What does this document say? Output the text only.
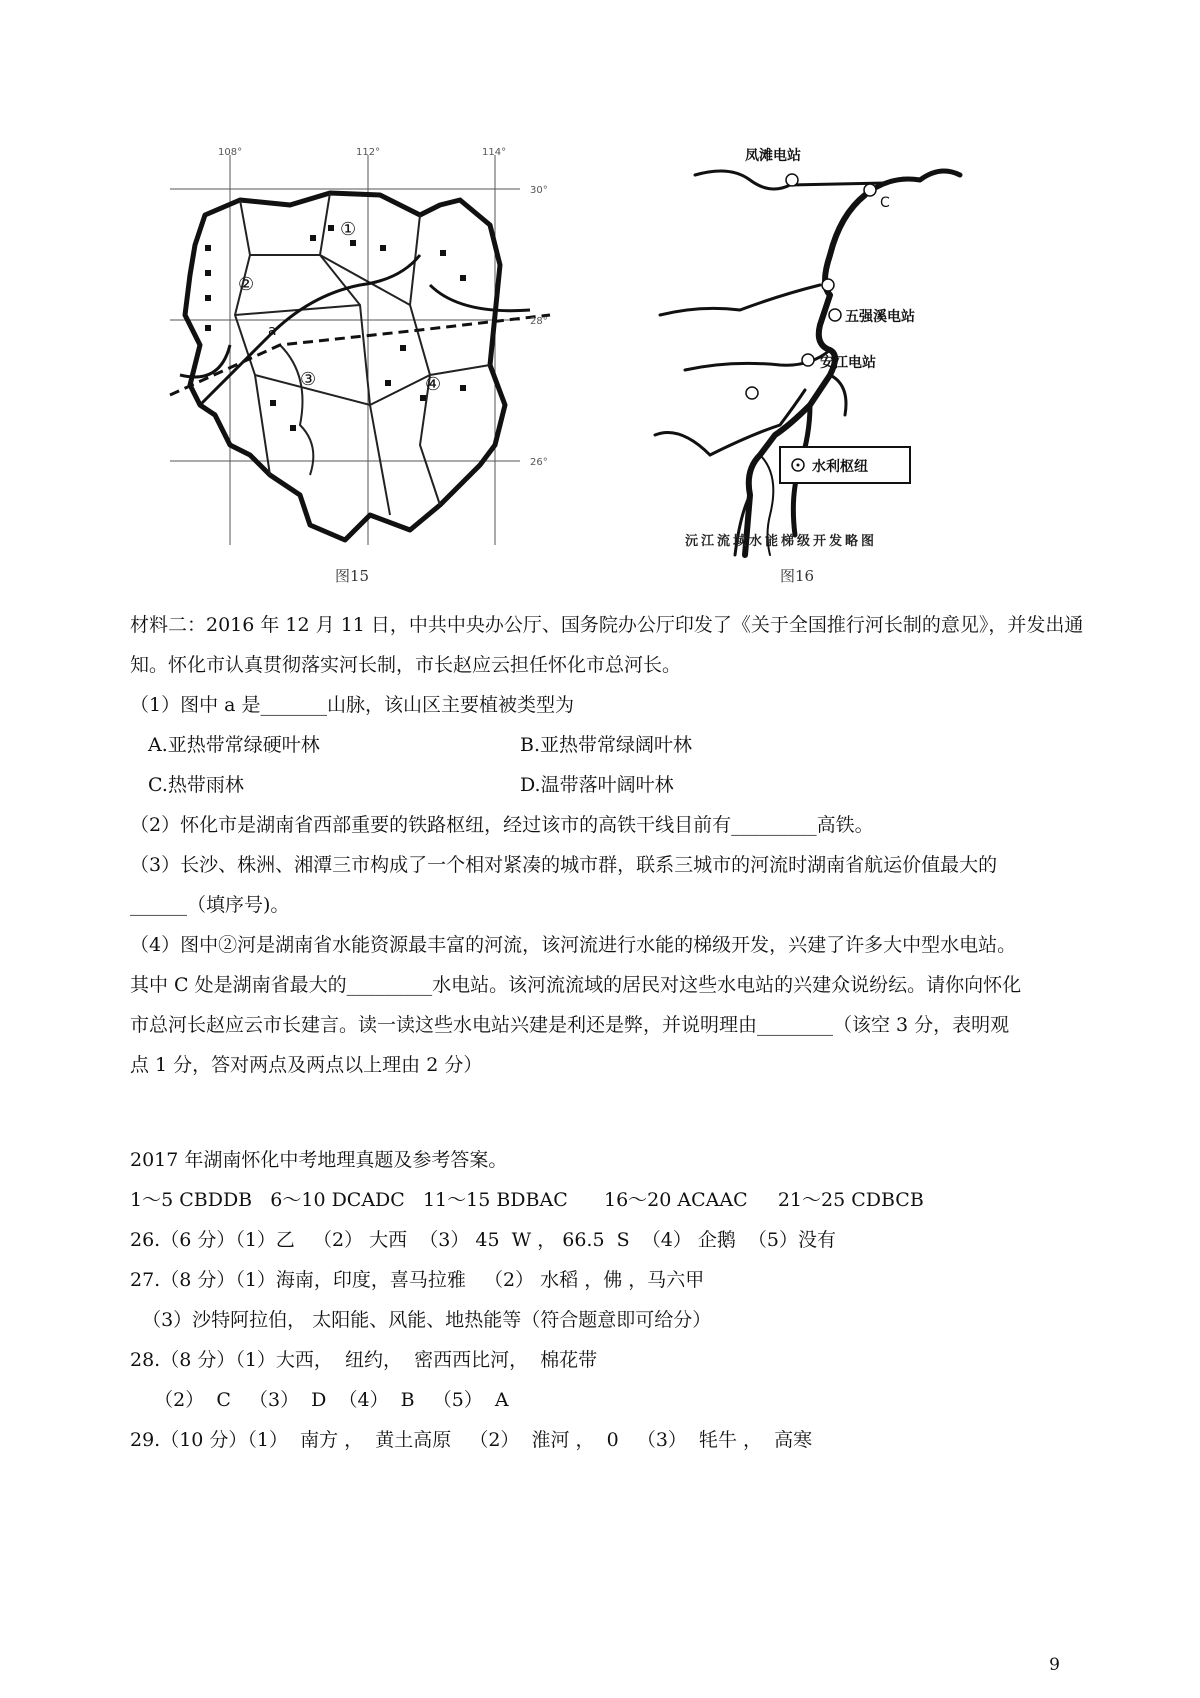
108°	112°	114°
30°
28°
26°
①
②
③	④
a
图15
凤滩电站
C
五强溪电站
安江电站
水利枢纽
沅江流域水能梯级开发略图
图16
材料二：2016 年 12 月 11 日，中共中央办公厅、国务院办公厅印发了《关于全国推行河长制的意见》，并发出通知。怀化市认真贯彻落实河长制，市长赵应云担任怀化市总河长。
（1）图中 a 是_______山脉，该山区主要植被类型为
A.亚热带常绿硬叶林	B.亚热带常绿阔叶林
C.热带雨林	D.温带落叶阔叶林
（2）怀化市是湖南省西部重要的铁路枢纽，经过该市的高铁干线目前有_________高铁。
（3）长沙、株洲、湘潭三市构成了一个相对紧凑的城市群，联系三城市的河流时湖南省航运价值最大的
______（填序号)。
（4）图中②河是湖南省水能资源最丰富的河流，该河流进行水能的梯级开发，兴建了许多大中型水电站。
其中 C 处是湖南省最大的_________水电站。该河流流域的居民对这些水电站的兴建众说纷纭。请你向怀化
市总河长赵应云市长建言。读一读这些水电站兴建是利还是弊，并说明理由________（该空 3 分，表明观
点 1 分，答对两点及两点以上理由 2 分）
2017 年湖南怀化中考地理真题及参考答案。
1～5 CBDDB   6～10 DCADC   11～15 BDBAC      16～20 ACAAC     21～25 CDBCB
26.（6 分）（1）乙   （2） 大西  （3） 45  W ， 66.5  S  （4） 企鹅  （5）没有
27.（8 分）（1）海南，印度，喜马拉雅   （2） 水稻 ，佛 ，马六甲
（3）沙特阿拉伯， 太阳能、风能、地热能等（符合题意即可给分）
28.（8 分）（1）大西，  纽约，  密西西比河，  棉花带
（2）  C   （3）  D  （4）  B   （5）  A
29.（10 分）（1）  南方 ，  黄土高原   （2）  淮河 ，  0   （3）  牦牛 ，  高寒
9
